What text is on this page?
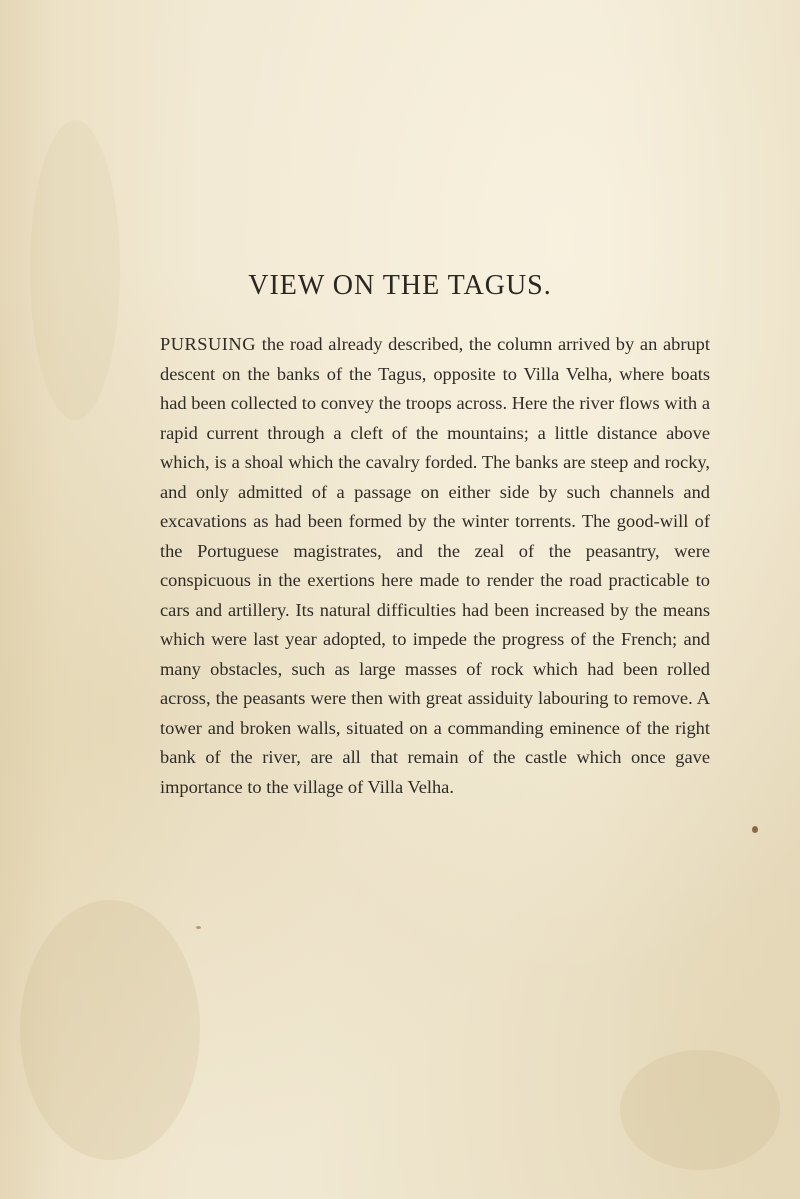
VIEW ON THE TAGUS.

PURSUING the road already described, the column arrived by an abrupt descent on the banks of the Tagus, opposite to Villa Velha, where boats had been collected to convey the troops across. Here the river flows with a rapid current through a cleft of the mountains; a little distance above which, is a shoal which the cavalry forded. The banks are steep and rocky, and only admitted of a passage on either side by such channels and excavations as had been formed by the winter torrents. The good-will of the Portuguese magistrates, and the zeal of the peasantry, were conspicuous in the exertions here made to render the road practicable to cars and artillery. Its natural difficulties had been increased by the means which were last year adopted, to impede the progress of the French; and many obstacles, such as large masses of rock which had been rolled across, the peasants were then with great assiduity labouring to remove. A tower and broken walls, situated on a commanding eminence of the right bank of the river, are all that remain of the castle which once gave importance to the village of Villa Velha.
